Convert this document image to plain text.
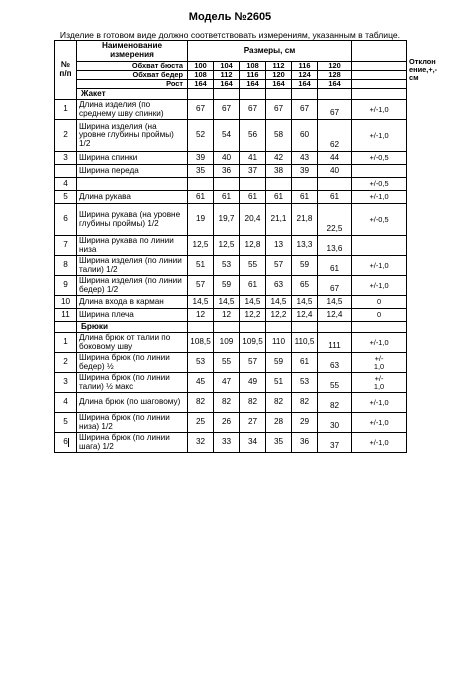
Модель №2605
Изделие в готовом виде должно соответствовать измерениям, указанным в таблице.
№
п/п	Наименование
измерения	Размеры, см							Отклон
ение,+,-
см
	Обхват бюста	100	104	108	112	116	120		
	Обхват бедер	108	112	116	120	124	128		
	Рост	164	164	164	164	164	164		
	Жакет								
1	Длина изделия (по среднему шву спинки)	67	67	67	67	67	67	+/-1,0	
2	Ширина изделия (на уровне глубины проймы) 1/2	52	54	56	58	60	62	+/-1,0	
3	Ширина спинки	39	40	41	42	43	44	+/-0,5	
	Ширина переда	35	36	37	38	39	40		
4								+/-0,5	
5	Длина рукава	61	61	61	61	61	61	+/-1,0	
6	Ширина рукава (на уровне глубины проймы) 1/2	19	19,7	20,4	21,1	21,8	22,5	+/-0,5	
7	Ширина рукава по линии низа	12,5	12,5	12,8	13	13,3	13,6		
8	Ширина изделия (по линии талии) 1/2	51	53	55	57	59	61	+/-1,0	
9	Ширина изделия (по линии бедер) 1/2	57	59	61	63	65	67	+/-1,0	
10	Длина входа в карман	14,5	14,5	14,5	14,5	14,5	14,5	0	
11	Ширина плеча	12	12	12,2	12,2	12,4	12,4	0	
	Брюки								
1	Длина брюк от талии по боковому шву	108,5	109	109,5	110	110,5	111	+/-1,0	
2	Ширина брюк (по линии бедер) ½	53	55	57	59	61	63	+/-
1,0	
3	Ширина брюк (по линии талии) ½ макс	45	47	49	51	53	55	+/-
1,0	
4	Длина брюк (по шаговому)	82	82	82	82	82	82	+/-1,0	
5	Ширина брюк (по линии низа) 1/2	25	26	27	28	29	30	+/-1,0	
6	Ширина брюк (по линии шага) 1/2	32	33	34	35	36	37	+/-1,0	
